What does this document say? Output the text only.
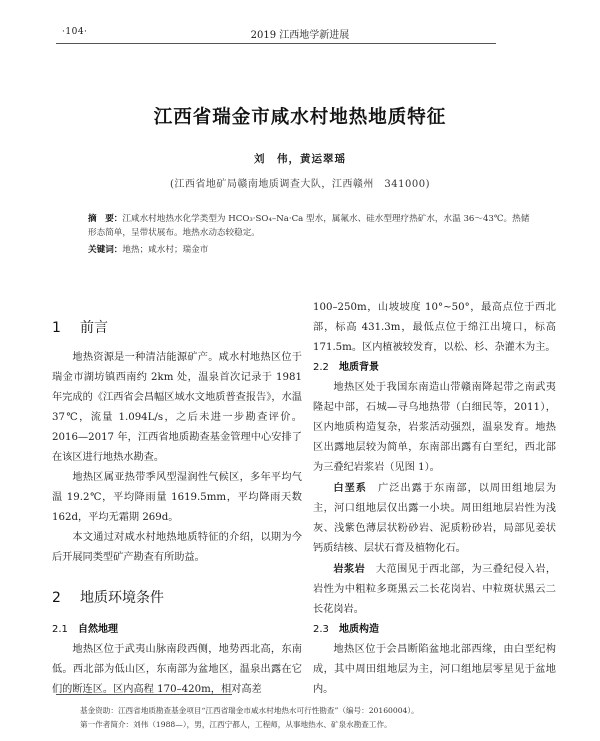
·104·	2019 江西地学新进展
江西省瑞金市咸水村地热地质特征
刘　伟，黄运翠瑶
(江西省地矿局赣南地质调查大队，江西赣州　341000)
摘　要：江咸水村地热水化学类型为 HCO₃·SO₄–Na·Ca 型水，属氟水、硅水型理疗热矿水，水温 36～43℃。热储形态简单，呈带状展布。地热水动态较稳定。
关键词：地热；咸水村；瑞金市
1 前言

地热资源是一种清洁能源矿产。咸水村地热区位于瑞金市湖坊镇西南约 2km 处，温泉首次记录于 1981 年完成的《江西省会昌幅区域水文地质普查报告》，水温 37℃，流量 1.094L/s，之后未进一步勘查评价。2016—2017 年，江西省地质勘查基金管理中心安排了在该区进行地热水勘查。

地热区属亚热带季风型湿润性气候区，多年平均气温 19.2℃，平均降雨量 1619.5mm，平均降雨天数 162d，平均无霜期 269d。

本文通过对咸水村地热地质特征的介绍，以期为今后开展同类型矿产勘查有所助益。

2 地质环境条件
2.1 自然地理

地热区位于武夷山脉南段西侧，地势西北高，东南低。西北部为低山区，东南部为盆地区，温泉出露在它们的断连区。区内高程 170–420m，相对高差

100–250m，山坡坡度 10°~50°，最高点位于西北部，标高 431.3m，最低点位于绵江出境口，标高 171.5m。区内植被较发育，以松、杉、杂灌木为主。

2.2 地质背景

地热区处于我国东南造山带赣南降起带之南武夷隆起中部，石城—寻乌地热带（白细民等，2011），区内地质构造复杂，岩浆活动强烈，温泉发育。地热区出露地层较为简单，东南部出露有白垩纪，西北部为三叠纪岩浆岩（见图 1）。

白垩系　 广泛出露于东南部，以周田组地层为主，河口组地层仅出露一小块。周田组地层岩性为浅灰、浅紫色薄层状粉砂岩、泥质粉砂岩，局部见姜状钙质结核、层状石膏及植物化石。

岩浆岩　 大范围见于西北部，为三叠纪侵入岩，岩性为中粗粒多斑黑云二长花岗岩、中粒斑状黑云二长花岗岩。

2.3 地质构造

地热区位于会昌断陷盆地北部西缘，由白垩纪构成，其中周田组地层为主，河口组地层零星见于盆地内。

基金资助：江西省地质勘查基金项目“江西省瑞金市咸水村地热水可行性勘查”（编号：20160004）。
第一作者简介：刘伟（1988—），男，江西宁都人，工程师，从事地热水、矿泉水勘查工作。
